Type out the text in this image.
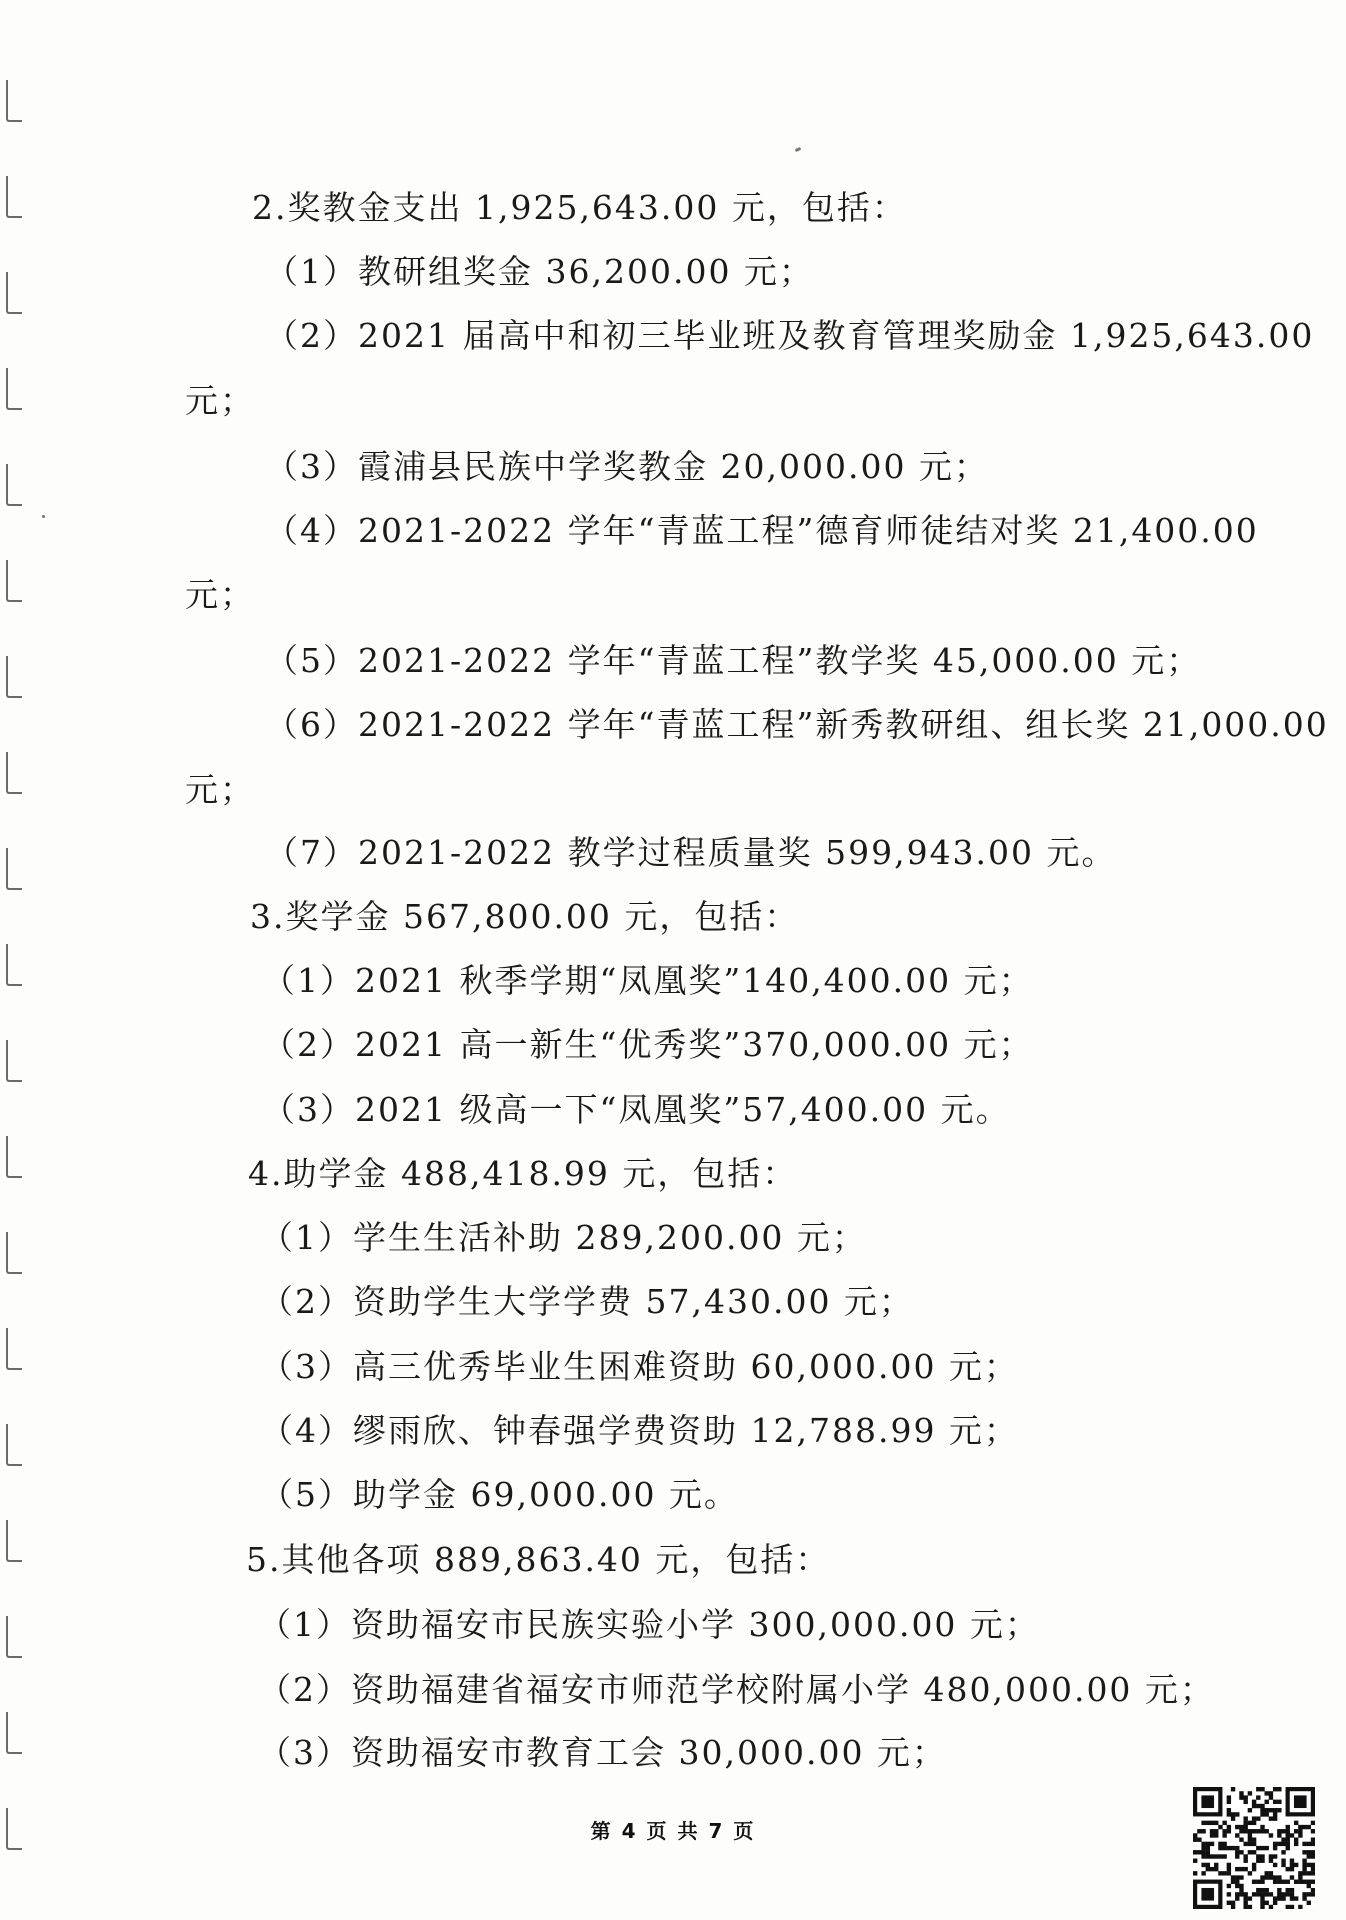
2.奖教金支出 1,925,643.00 元，包括：
（1）教研组奖金 36,200.00 元；
（2）2021 届高中和初三毕业班及教育管理奖励金 1,925,643.00
元；
（3）霞浦县民族中学奖教金 20,000.00 元；
（4）2021-2022 学年“青蓝工程”德育师徒结对奖 21,400.00
元；
（5）2021-2022 学年“青蓝工程”教学奖 45,000.00 元；
（6）2021-2022 学年“青蓝工程”新秀教研组、组长奖 21,000.00
元；
（7）2021-2022 教学过程质量奖 599,943.00 元。
3.奖学金 567,800.00 元，包括：
（1）2021 秋季学期“凤凰奖”140,400.00 元；
（2）2021 高一新生“优秀奖”370,000.00 元；
（3）2021 级高一下“凤凰奖”57,400.00 元。
4.助学金 488,418.99 元，包括：
（1）学生生活补助 289,200.00 元；
（2）资助学生大学学费 57,430.00 元；
（3）高三优秀毕业生困难资助 60,000.00 元；
（4）缪雨欣、钟春强学费资助 12,788.99 元；
（5）助学金 69,000.00 元。
5.其他各项 889,863.40 元，包括：
（1）资助福安市民族实验小学 300,000.00 元；
（2）资助福建省福安市师范学校附属小学 480,000.00 元；
（3）资助福安市教育工会 30,000.00 元；
第 4 页 共 7 页
